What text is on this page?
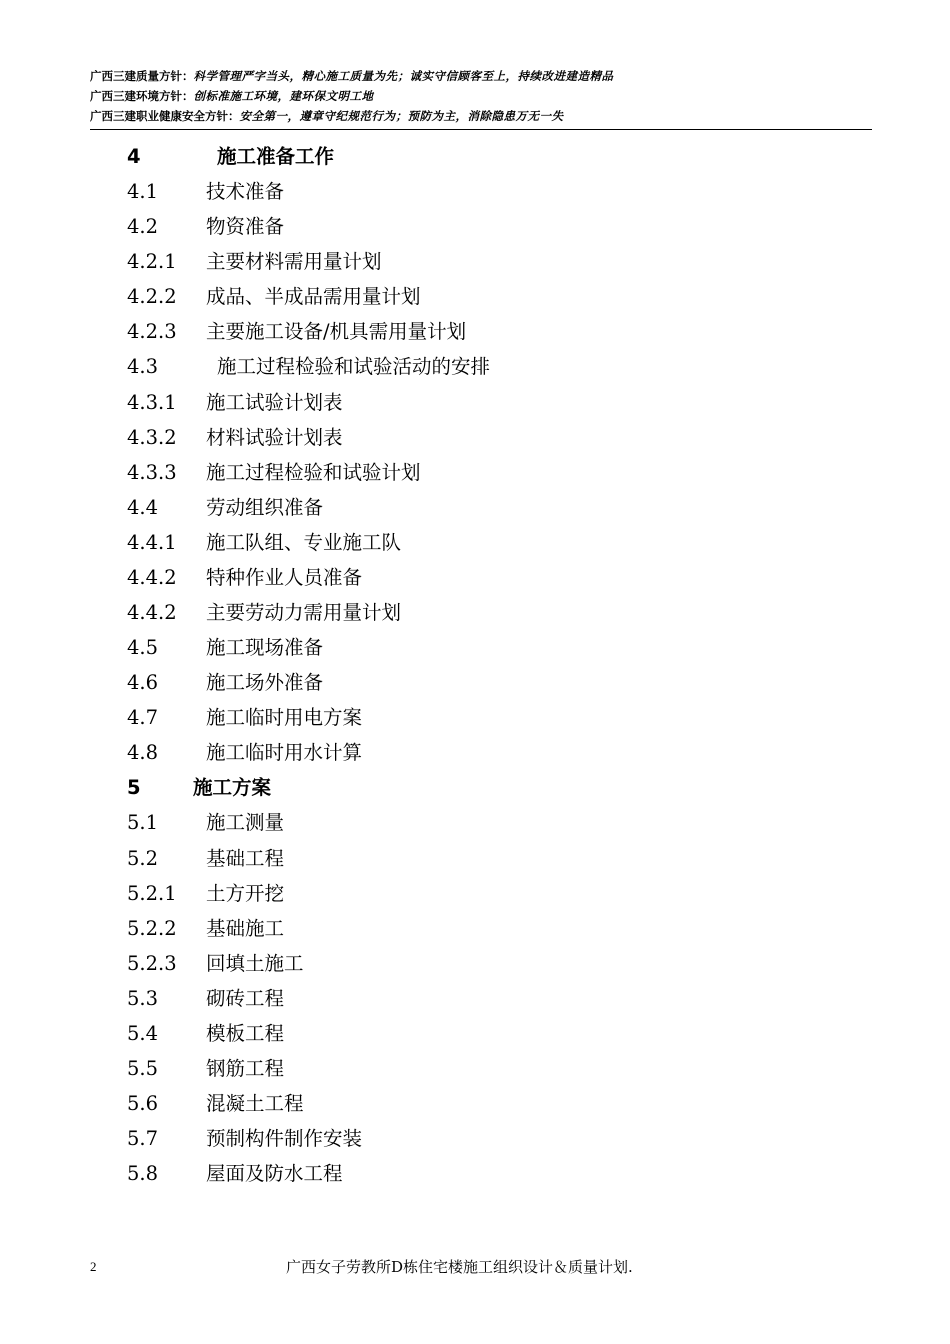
广西三建质量方针：科学管理严字当头，精心施工质量为先；诚实守信顾客至上，持续改进建造精品
广西三建环境方针：创标准施工环境，建环保文明工地
广西三建职业健康安全方针：安全第一，遵章守纪规范行为；预防为主，消除隐患万无一失
4	施工准备工作
4.1 技术准备
4.2 物资准备
4.2.1 主要材料需用量计划
4.2.2 成品、半成品需用量计划
4.2.3 主要施工设备/机具需用量计划
4.3	施工过程检验和试验活动的安排
4.3.1 施工试验计划表
4.3.2 材料试验计划表
4.3.3 施工过程检验和试验计划
4.4 劳动组织准备
4.4.1 施工队组、专业施工队
4.4.2 特种作业人员准备
4.4.2 主要劳动力需用量计划
4.5 施工现场准备
4.6 施工场外准备
4.7 施工临时用电方案
4.8 施工临时用水计算
5	施工方案
5.1 施工测量
5.2 基础工程
5.2.1 土方开挖
5.2.2 基础施工
5.2.3 回填土施工
5.3 砌砖工程
5.4 模板工程
5.5 钢筋工程
5.6 混凝土工程
5.7 预制构件制作安装
5.8 屋面及防水工程
2	广西女子劳教所D栋住宅楼施工组织设计＆质量计划.
